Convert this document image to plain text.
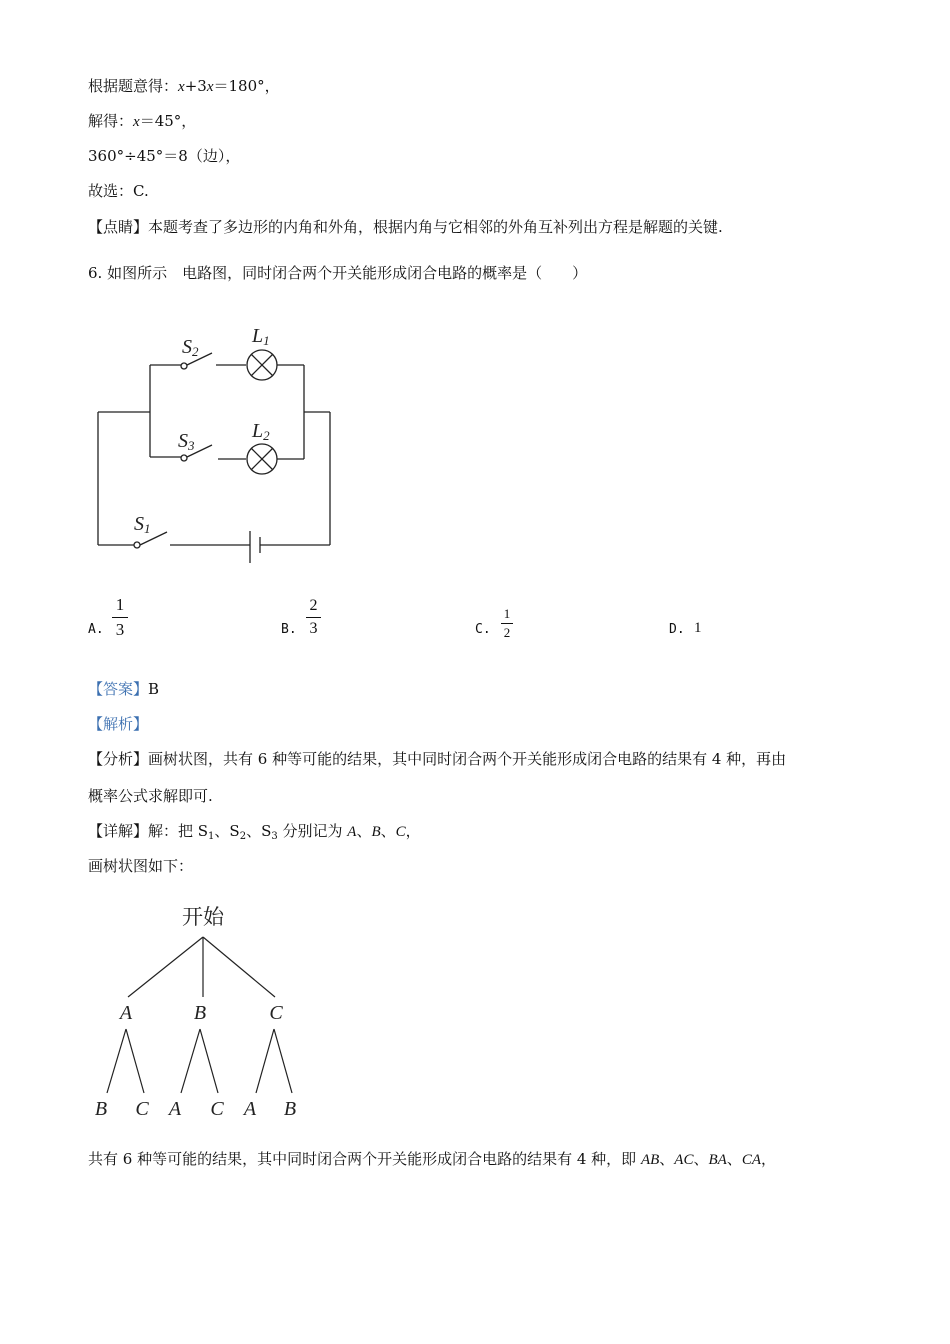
根据题意得：x+3x＝180°，
解得：x＝45°，
360°÷45°＝8（边），
故选：C.
【点睛】本题考查了多边形的内角和外角，根据内角与它相邻的外角互补列出方程是解题的关键.
6. 如图所示　电路图，同时闭合两个开关能形成闭合电路的概率是（　　）
S2
L1
S3
L2
S1
A.
1
3	B.
2
3	C.
1
2	D. 1
【答案】B
【解析】
【分析】画树状图，共有 6 种等可能的结果，其中同时闭合两个开关能形成闭合电路的结果有 4 种，再由
概率公式求解即可.
【详解】解：把 $S_1$、$S_2$、$S_3$ 分别记为 A、B、C，
画树状图如下：
开始
A	B	C
B C A C A B
共有 6 种等可能的结果，其中同时闭合两个开关能形成闭合电路的结果有 4 种，即 AB、AC、BA、CA，
